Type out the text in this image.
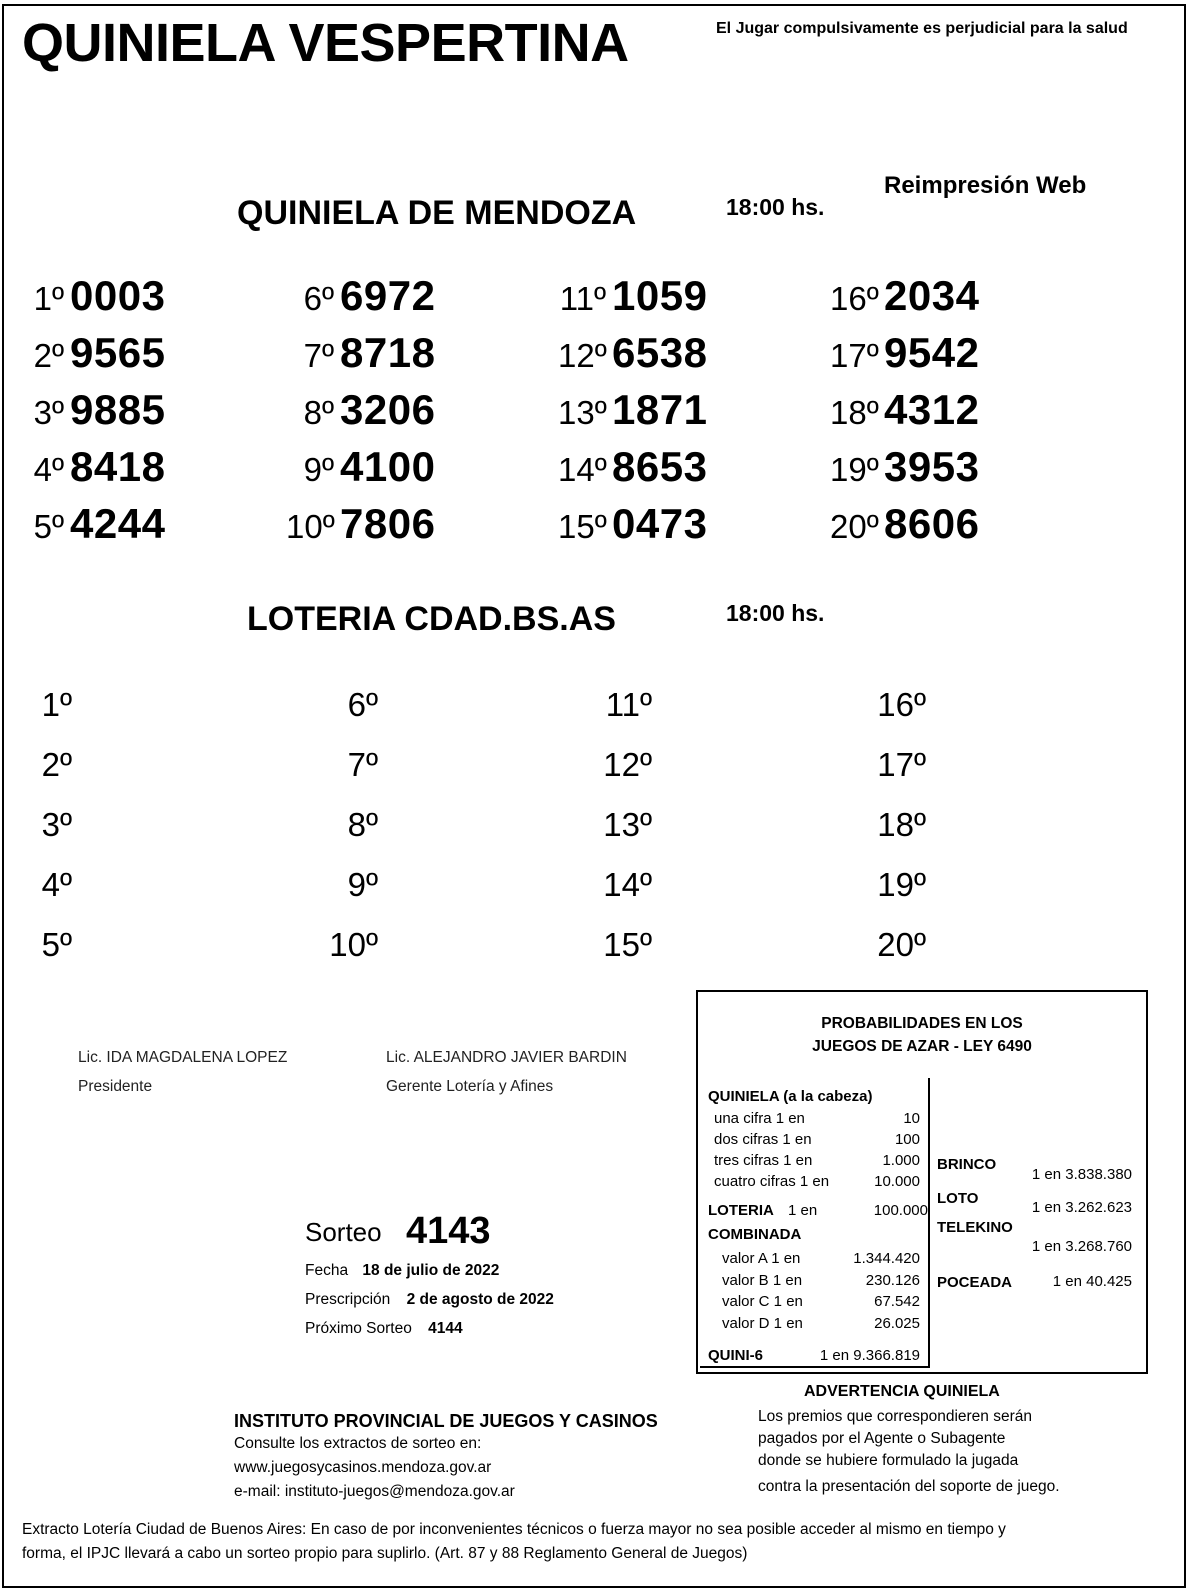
QUINIELA VESPERTINA	El Jugar compulsivamente es perjudicial para la salud
Reimpresión Web
QUINIELA DE MENDOZA	18:00 hs.
1º 0003
2º 9565
3º 9885
4º 8418
5º 4244
6º 6972
7º 8718
8º 3206
9º 4100
10º 7806
11º 1059
12º 6538
13º 1871
14º 8653
15º 0473
16º 2034
17º 9542
18º 4312
19º 3953
20º 8606
LOTERIA CDAD.BS.AS	18:00 hs.
1º
2º
3º
4º
5º
6º
7º
8º
9º
10º
11º
12º
13º
14º
15º
16º
17º
18º
19º
20º
Lic. IDA MAGDALENA LOPEZ
Presidente
Lic. ALEJANDRO JAVIER BARDIN
Gerente Lotería y Afines
Sorteo 4143
Fecha 18 de julio de 2022
Prescripción 2 de agosto de 2022
Próximo Sorteo 4144
PROBABILIDADES EN LOS
JUEGOS DE AZAR - LEY 6490
QUINIELA (a la cabeza)
una cifra 1 en	10
dos cifras 1 en	100
tres cifras 1 en	1.000
cuatro cifras 1 en	10.000
LOTERIA 1 en	100.000
COMBINADA
valor A 1 en	1.344.420
valor B 1 en	230.126
valor C 1 en	67.542
valor D 1 en	26.025
QUINI-6	1 en 9.366.819
BRINCO
1 en 3.838.380
LOTO
1 en 3.262.623
TELEKINO
1 en 3.268.760
POCEADA	1 en 40.425
ADVERTENCIA QUINIELA
Los premios que correspondieren serán
pagados por el Agente o Subagente
donde se hubiere formulado la jugada
contra la presentación del soporte de juego.
INSTITUTO PROVINCIAL DE JUEGOS Y CASINOS
Consulte los extractos de sorteo en:
www.juegosycasinos.mendoza.gov.ar
e-mail: instituto-juegos@mendoza.gov.ar
Extracto Lotería Ciudad de Buenos Aires: En caso de por inconvenientes técnicos o fuerza mayor no sea posible acceder al mismo en tiempo y
forma, el IPJC llevará a cabo un sorteo propio para suplirlo. (Art. 87 y 88 Reglamento General de Juegos)
